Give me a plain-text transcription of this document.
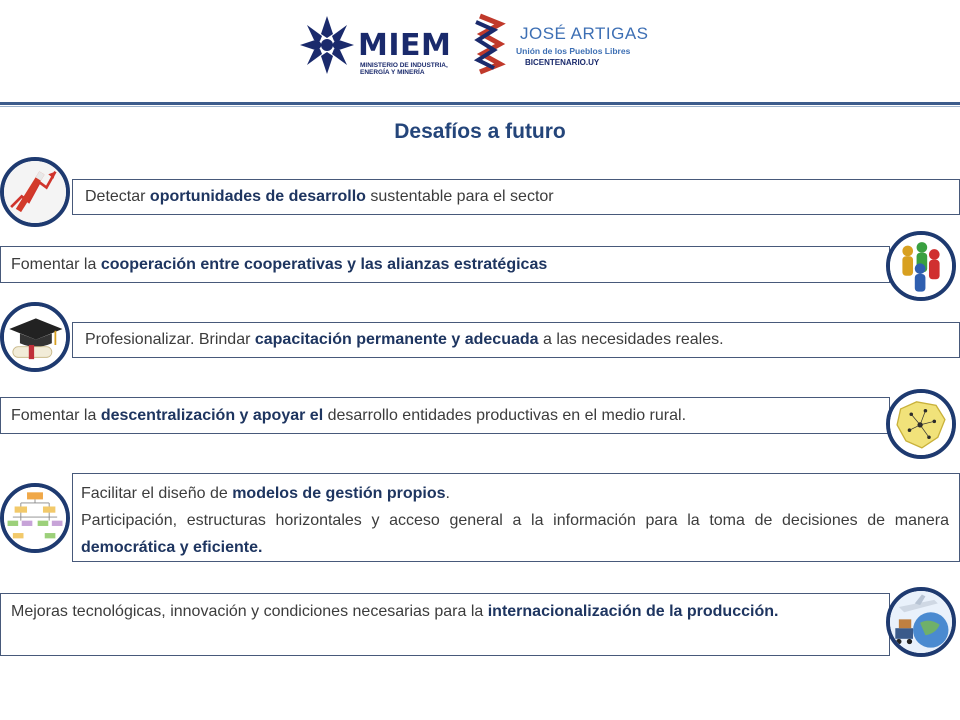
MIEM
MINISTERIO DE INDUSTRIA,
ENERGÍA Y MINERÍA
JOSÉ ARTIGAS
Unión de los Pueblos Libres
BICENTENARIO.UY
Desafíos a futuro
Detectar oportunidades de desarrollo sustentable para el sector
Fomentar la cooperación entre cooperativas y las alianzas estratégicas
Profesionalizar. Brindar capacitación permanente y adecuada a las necesidades reales.
Fomentar la descentralización y apoyar el desarrollo entidades productivas en el medio rural.
Facilitar el diseño de modelos de gestión propios.
Participación, estructuras horizontales y acceso general a la información para la toma de decisiones de manera democrática y eficiente.
Mejoras tecnológicas, innovación y condiciones necesarias para la internacionalización de la producción.
